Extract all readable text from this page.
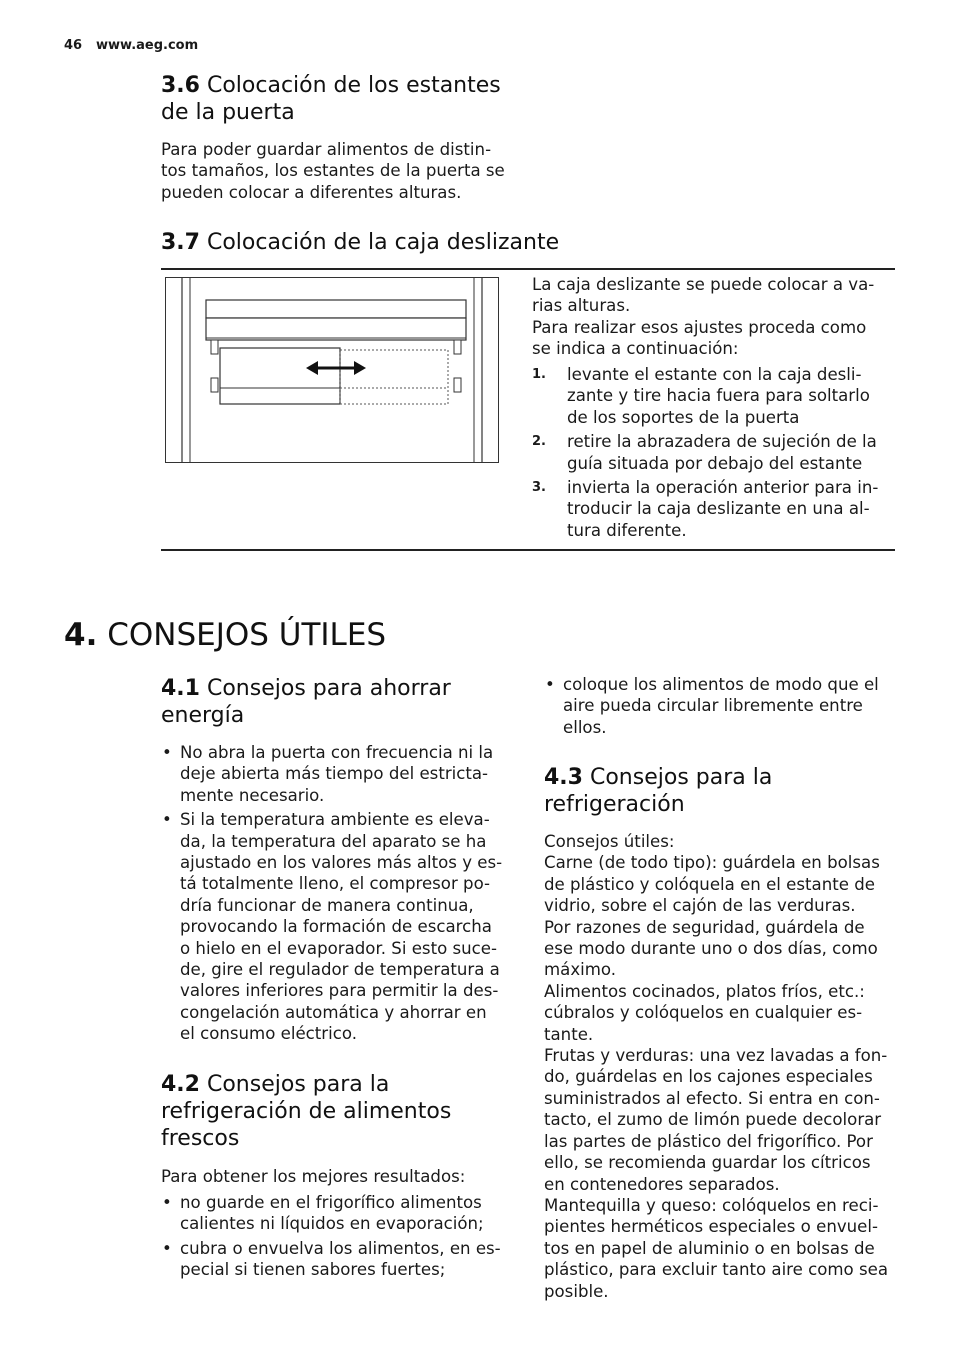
46 www.aeg.com
3.6 Colocación de los estantes de la puerta
Para poder guardar alimentos de distin-
tos tamaños, los estantes de la puerta se
pueden colocar a diferentes alturas.
3.7 Colocación de la caja deslizante
La caja deslizante se puede colocar a va-
rias alturas.
Para realizar esos ajustes proceda como
se indica a continuación:
1. levante el estante con la caja desli-
zante y tire hacia fuera para soltarlo
de los soportes de la puerta
2. retire la abrazadera de sujeción de la
guía situada por debajo del estante
3. invierta la operación anterior para in-
troducir la caja deslizante en una al-
tura diferente.
4. CONSEJOS ÚTILES
4.1 Consejos para ahorrar
energía
• No abra la puerta con frecuencia ni la
deje abierta más tiempo del estricta-
mente necesario.
• Si la temperatura ambiente es eleva-
da, la temperatura del aparato se ha
ajustado en los valores más altos y es-
tá totalmente lleno, el compresor po-
dría funcionar de manera continua,
provocando la formación de escarcha
o hielo en el evaporador. Si esto suce-
de, gire el regulador de temperatura a
valores inferiores para permitir la des-
congelación automática y ahorrar en
el consumo eléctrico.
4.2 Consejos para la
refrigeración de alimentos
frescos
Para obtener los mejores resultados:
• no guarde en el frigorífico alimentos
calientes ni líquidos en evaporación;
• cubra o envuelva los alimentos, en es-
pecial si tienen sabores fuertes;
• coloque los alimentos de modo que el
aire pueda circular libremente entre
ellos.
4.3 Consejos para la
refrigeración
Consejos útiles:
Carne (de todo tipo): guárdela en bolsas
de plástico y colóquela en el estante de
vidrio, sobre el cajón de las verduras.
Por razones de seguridad, guárdela de
ese modo durante uno o dos días, como
máximo.
Alimentos cocinados, platos fríos, etc.:
cúbralos y colóquelos en cualquier es-
tante.
Frutas y verduras: una vez lavadas a fon-
do, guárdelas en los cajones especiales
suministrados al efecto. Si entra en con-
tacto, el zumo de limón puede decolorar
las partes de plástico del frigorífico. Por
ello, se recomienda guardar los cítricos
en contenedores separados.
Mantequilla y queso: colóquelos en reci-
pientes herméticos especiales o envuel-
tos en papel de aluminio o en bolsas de
plástico, para excluir tanto aire como sea
posible.
